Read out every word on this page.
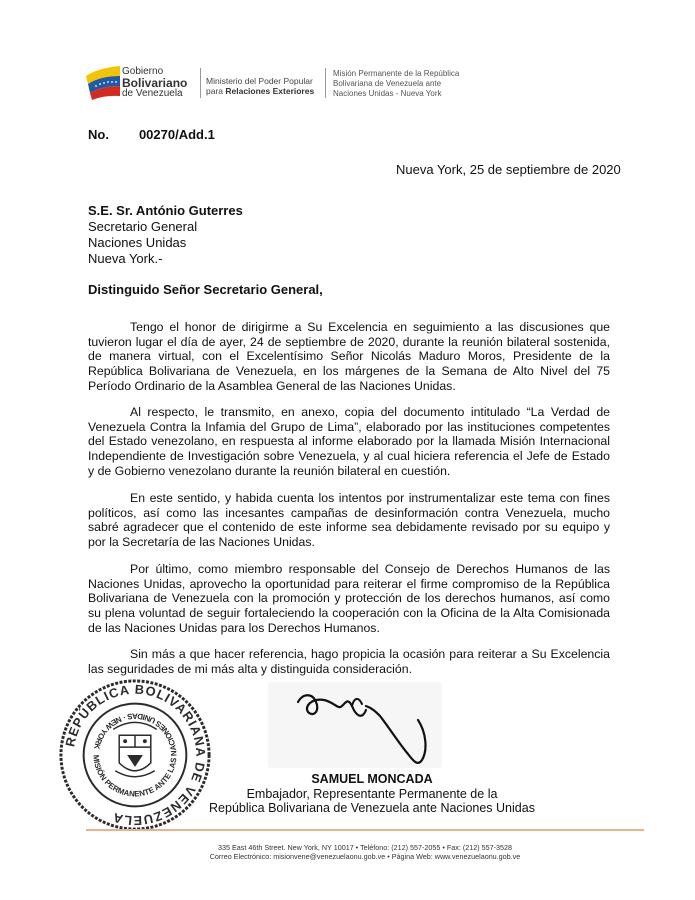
Gobierno
Bolivariano
de Venezuela
Ministerio del Poder Popular
para Relaciones Exteriores
Misión Permanente de la República
Bolivariana de Venezuela ante
Naciones Unidas - Nueva York
No. 00270/Add.1
Nueva York, 25 de septiembre de 2020
S.E. Sr. António Guterres
Secretario General
Naciones Unidas
Nueva York.-
Distinguido Señor Secretario General,

Tengo el honor de dirigirme a Su Excelencia en seguimiento a las discusiones que tuvieron lugar el día de ayer, 24 de septiembre de 2020, durante la reunión bilateral sostenida, de manera virtual, con el Excelentísimo Señor Nicolás Maduro Moros, Presidente de la República Bolivariana de Venezuela, en los márgenes de la Semana de Alto Nivel del 75 Período Ordinario de la Asamblea General de las Naciones Unidas.

Al respecto, le transmito, en anexo, copia del documento intitulado “La Verdad de Venezuela Contra la Infamia del Grupo de Lima”, elaborado por las instituciones competentes del Estado venezolano, en respuesta al informe elaborado por la llamada Misión Internacional Independiente de Investigación sobre Venezuela, y al cual hiciera referencia el Jefe de Estado y de Gobierno venezolano durante la reunión bilateral en cuestión.

En este sentido, y habida cuenta los intentos por instrumentalizar este tema con fines políticos, así como las incesantes campañas de desinformación contra Venezuela, mucho sabré agradecer que el contenido de este informe sea debidamente revisado por su equipo y por la Secretaría de las Naciones Unidas.

Por último, como miembro responsable del Consejo de Derechos Humanos de las Naciones Unidas, aprovecho la oportunidad para reiterar el firme compromiso de la República Bolivariana de Venezuela con la promoción y protección de los derechos humanos, así como su plena voluntad de seguir fortaleciendo la cooperación con la Oficina de la Alta Comisionada de las Naciones Unidas para los Derechos Humanos.

Sin más a que hacer referencia, hago propicia la ocasión para reiterar a Su Excelencia las seguridades de mi más alta y distinguida consideración.

REPÚBLICA BOLIVARIANA DE VENEZUELA
MISIÓN PERMANENTE ANTE LAS NACIONES UNIDAS · NEW YORK
SAMUEL MONCADA
Embajador, Representante Permanente de la
República Bolivariana de Venezuela ante Naciones Unidas
335 East 46th Street. New York, NY 10017 • Teléfono: (212) 557-2055 • Fax: (212) 557-3528
Correo Electrónico: misionvene@venezuelaonu.gob.ve • Página Web: www.venezuelaonu.gob.ve
